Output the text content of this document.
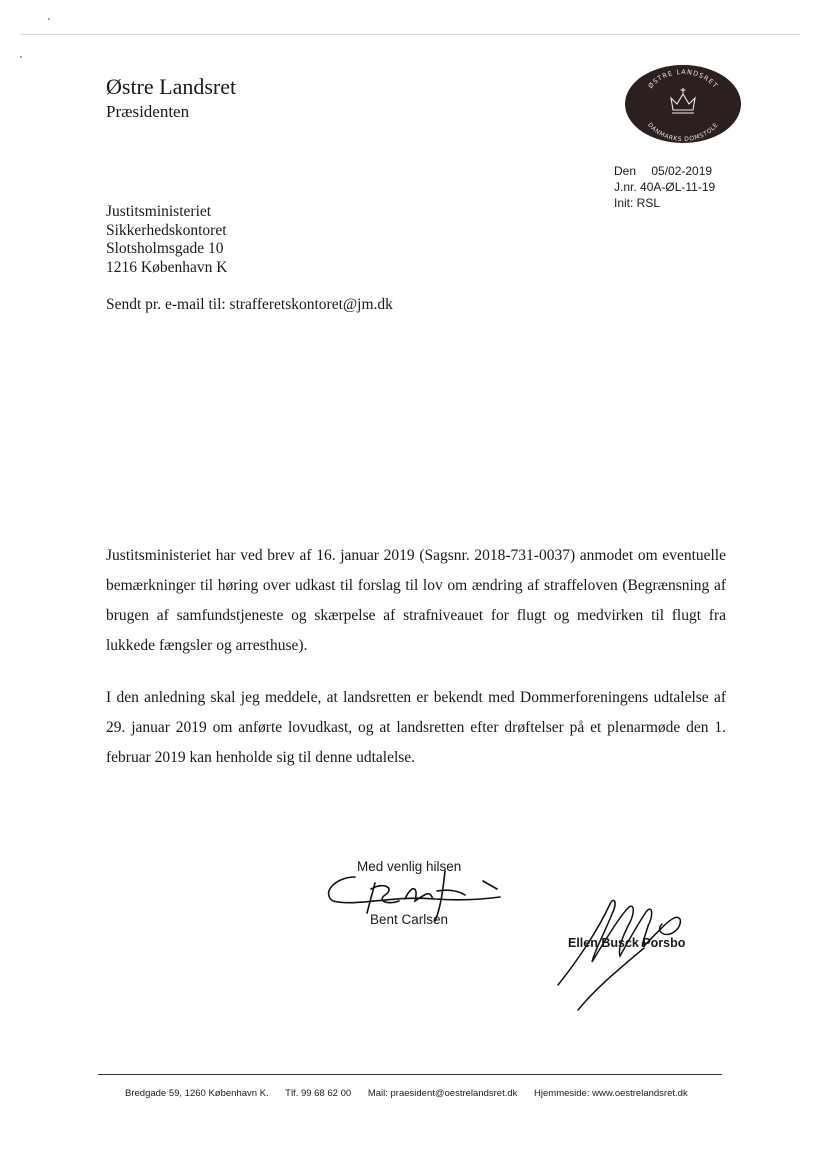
Østre Landsret
Præsidenten
ØSTRE LANDSRET
DANMARKS DOMSTOLE
Den 05/02-2019
J.nr. 40A-ØL-11-19
Init: RSL
Justitsministeriet
Sikkerhedskontoret
Slotsholmsgade 10
1216 København K
Sendt pr. e-mail til: strafferetskontoret@jm.dk

Justitsministeriet har ved brev af 16. januar 2019 (Sagsnr. 2018-731-0037) anmodet om eventuelle bemærkninger til høring over udkast til forslag til lov om ændring af straffeloven (Begrænsning af brugen af samfundstjeneste og skærpelse af strafniveauet for flugt og medvirken til flugt fra lukkede fængsler og arresthuse).

I den anledning skal jeg meddele, at landsretten er bekendt med Dommerforeningens udtalelse af 29. januar 2019 om anførte lovudkast, og at landsretten efter drøftelser på et plenarmøde den 1. februar 2019 kan henholde sig til denne udtalelse.

Med venlig hilsen
Bent Carlsen
Ellen Busck Porsbo
Bredgade 59, 1260 København K. Tlf. 99 68 62 00 Mail: praesident@oestrelandsret.dk Hjemmeside: www.oestrelandsret.dk
